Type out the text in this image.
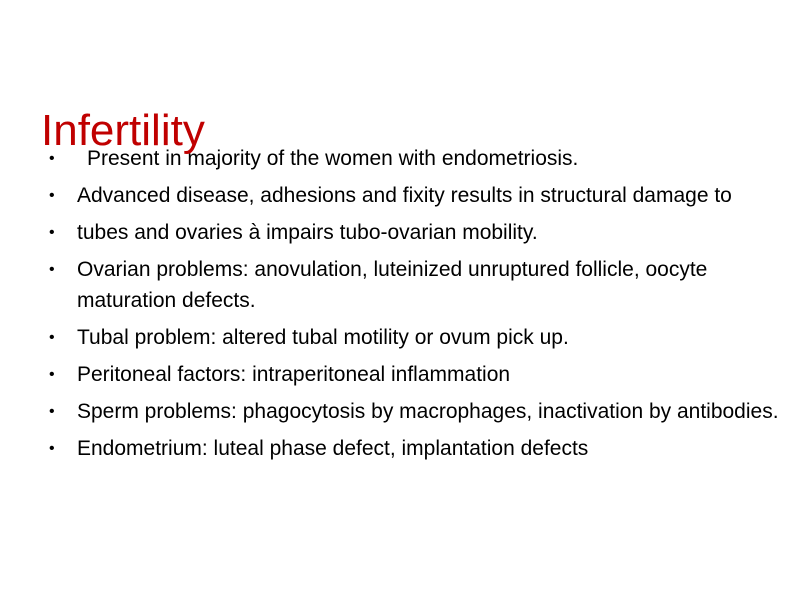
•	Present in majority of the women with endometriosis.
•	Advanced disease, adhesions and fixity results in structural damage to
•	tubes and ovaries à impairs tubo-ovarian mobility.
•	Ovarian problems: anovulation, luteinized unruptured follicle, oocyte maturation defects.
•	Tubal problem: altered tubal motility or ovum pick up.
•	Peritoneal factors: intraperitoneal inflammation
•	Sperm problems: phagocytosis by macrophages, inactivation by antibodies.
•	Endometrium: luteal phase defect, implantation defects
Infertility
